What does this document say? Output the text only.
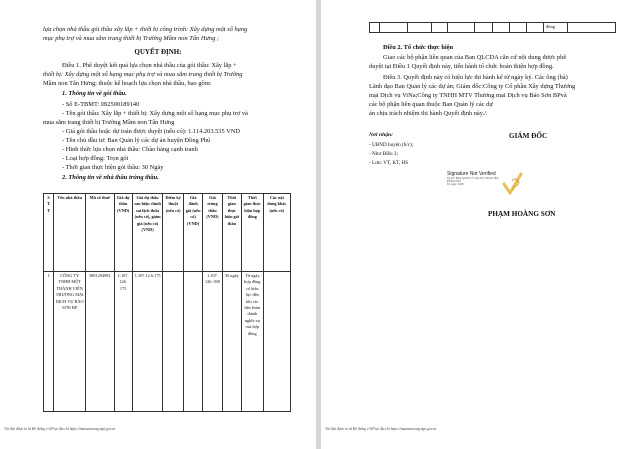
lựa chọn nhà thầu gói thầu xây lắp + thiết bị công trình: Xây dựng một số hạng
mục phụ trợ và mua sắm trang thiết bị Trường Mầm non Tân Hưng ;
QUYẾT ĐỊNH:
Điều 1. Phê duyệt kết quả lựa chọn nhà thầu của gói thầu: Xây lắp +
thiết bị: Xây dựng một số hạng mục phụ trợ và mua sắm trang thiết bị Trường
Mầm non Tân Hưng; thuộc kế hoạch lựa chọn nhà thầu, bao gồm:
1. Thông tin về gói thầu.
- Số E-TBMT: IB2500189140
- Tên gói thầu: Xây lắp + thiết bị: Xây dựng một số hạng mục phụ trợ và
mua sắm trang thiết bị Trường Mầm non Tân Hưng
- Giá gói thầu hoặc dự toán được duyệt (nếu có): 1.114.203.535 VND
- Tên chủ đầu tư: Ban Quản lý các dự án huyện Đồng Phú
- Hình thức lựa chọn nhà thầu: Chào hàng cạnh tranh
- Loại hợp đồng: Trọn gói
- Thời gian thực hiện gói thầu: 30 Ngày
2. Thông tin về nhà thầu trúng thầu.
S T T	Tên nhà thầu	Mã số thuế	Giá dự thầu (VND)	Giá dự thầu sau hiệu chỉnh sai lệch thừa (nếu có), giảm giá (nếu có) (VND)	Điểm kỹ thuật (nếu có)	Giá đánh giá (nếu có) (VND)	Giá trúng thầu (VND)	Thời gian thực hiện gói thầu	Thời gian thực hiện hợp đồng	Các nội dung khác (nếu có)
1	CÔNG TY TNHH MỘT THÀNH VIÊN THƯƠNG MẠI DỊCH VỤ BẢO SƠN BP	3801294981	1.107. 126. 175	1.107.12 6.175			1.107. 126. 000	30 ngày	Từ ngày hợp đồng có hiệu lực đến khi các bên hoàn thành nghĩa vụ của hợp đồng	
Tài liệu được in từ Hệ thống e-GP tại địa chỉ https://muasamcong.mpi.gov.vn
									đồng	
Điều 2. Tổ chức thực hiện
Giao các bộ phận liên quan của Ban QLCDA căn cứ nội dung được phê
duyệt tại Điều 1 Quyết định này, tiến hành tổ chức hoàn thiện hợp đồng.
Điều 3. Quyết định này có hiệu lực thi hành kể từ ngày ký. Các ông (bà)
Lãnh đạo Ban Quản lý các dự án; Giám đốc:Công ty Cổ phần Xây dựng Thương
mại Dịch vụ ViNa;Công ty TNHH MTV Thương mại Dịch vụ Bảo Sơn BPvà
các bộ phận liên quan thuộc Ban Quản lý các dự
án chịu trách nhiệm thi hành Quyết định này./.
Nơi nhận:
- UBND huyện (b/c);
- Như Điều 3;
- Lưu: VT, KT, HS
GIÁM ĐỐC
Signature Not Verified
Ký bởi: BAN QUẢN LÝ CÁC DỰ ÁN HUYỆN
ĐỒNG PHÚ
Ký ngày: 2025
PHẠM HOÀNG SƠN
Tài liệu được in từ Hệ thống e-GP tại địa chỉ https://muasamcong.mpi.gov.vn
